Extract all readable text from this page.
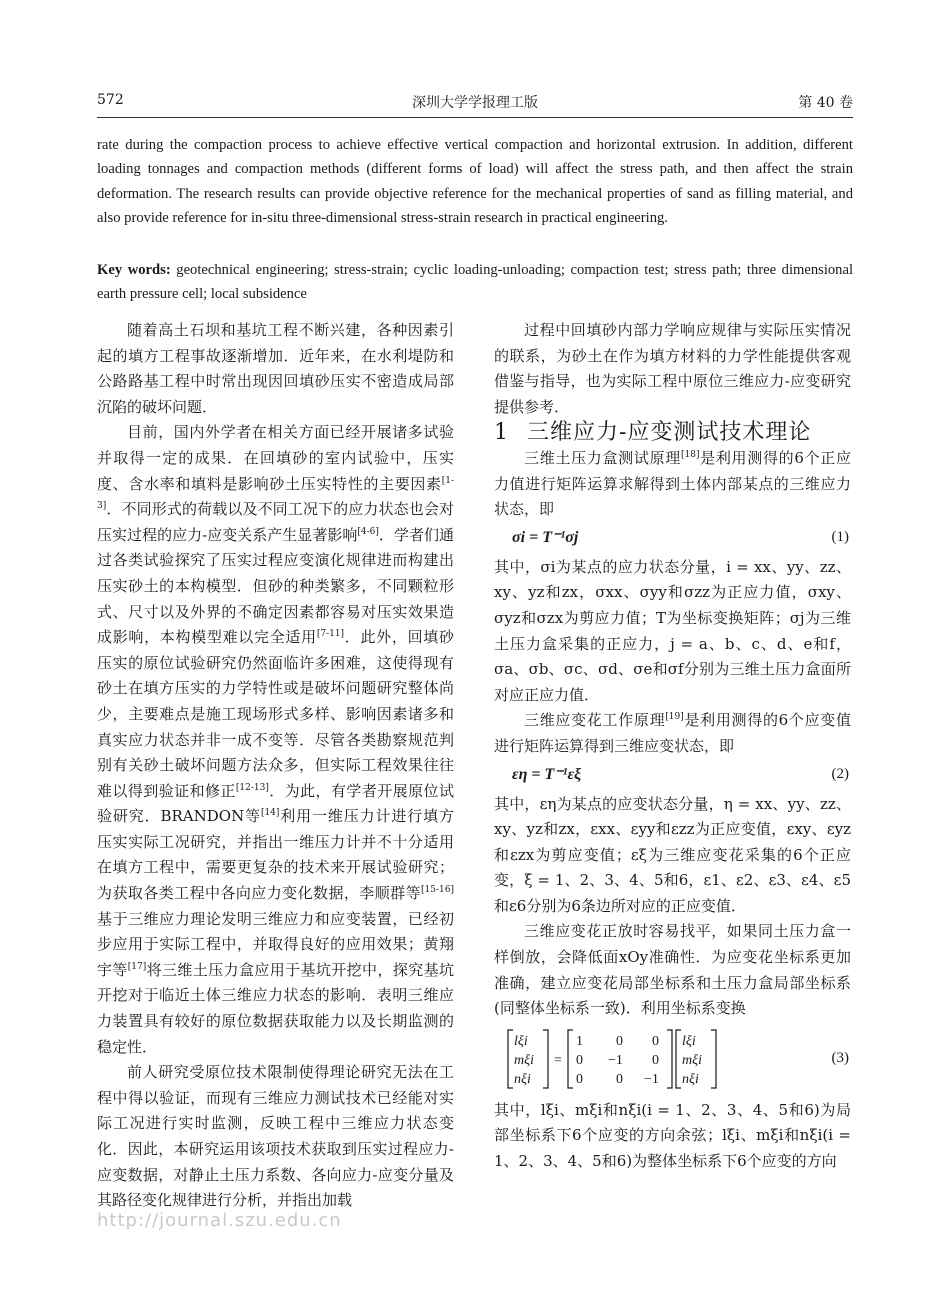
572	深圳大学学报理工版	第 40 卷
rate during the compaction process to achieve effective vertical compaction and horizontal extrusion. In addition, different loading tonnages and compaction methods (different forms of load) will affect the stress path, and then affect the strain deformation. The research results can provide objective reference for the mechanical properties of sand as filling material, and also provide reference for in-situ three-dimensional stress-strain research in practical engineering.
Key words: geotechnical engineering; stress-strain; cyclic loading-unloading; compaction test; stress path; three dimensional earth pressure cell; local subsidence

随着高土石坝和基坑工程不断兴建，各种因素引起的填方工程事故逐渐增加．近年来，在水利堤防和公路路基工程中时常出现因回填砂压实不密造成局部沉陷的破坏问题．

目前，国内外学者在相关方面已经开展诸多试验并取得一定的成果．在回填砂的室内试验中，压实度、含水率和填料是影响砂土压实特性的主要因素[1-3]．不同形式的荷载以及不同工况下的应力状态也会对压实过程的应力-应变关系产生显著影响[4-6]．学者们通过各类试验探究了压实过程应变演化规律进而构建出压实砂土的本构模型．但砂的种类繁多，不同颗粒形式、尺寸以及外界的不确定因素都容易对压实效果造成影响，本构模型难以完全适用[7-11]．此外，回填砂压实的原位试验研究仍然面临许多困难，这使得现有砂土在填方压实的力学特性或是破坏问题研究整体尚少，主要难点是施工现场形式多样、影响因素诸多和真实应力状态并非一成不变等．尽管各类勘察规范判别有关砂土破坏问题方法众多，但实际工程效果往往难以得到验证和修正[12-13]．为此，有学者开展原位试验研究．BRANDON等[14]利用一维压力计进行填方压实实际工况研究，并指出一维压力计并不十分适用在填方工程中，需要更复杂的技术来开展试验研究；为获取各类工程中各向应力变化数据，李顺群等[15-16]基于三维应力理论发明三维应力和应变装置，已经初步应用于实际工程中，并取得良好的应用效果；黄翔宇等[17]将三维土压力盒应用于基坑开挖中，探究基坑开挖对于临近土体三维应力状态的影响．表明三维应力装置具有较好的原位数据获取能力以及长期监测的稳定性．

前人研究受原位技术限制使得理论研究无法在工程中得以验证，而现有三维应力测试技术已经能对实际工况进行实时监测，反映工程中三维应力状态变化．因此，本研究运用该项技术获取到压实过程应力-应变数据，对静止土压力系数、各向应力-应变分量及其路径变化规律进行分析，并指出加载

过程中回填砂内部力学响应规律与实际压实情况的联系，为砂土在作为填方材料的力学性能提供客观借鉴与指导，也为实际工程中原位三维应力-应变研究提供参考．

1 三维应力-应变测试技术理论

三维土压力盒测试原理[18]是利用测得的6个正应力值进行矩阵运算求解得到土体内部某点的三维应力状态，即

σi = T⁻¹σj	(1)

其中，σi为某点的应力状态分量，i = xx、yy、zz、xy、yz和zx，σxx、σyy和σzz为正应力值，σxy、σyz和σzx为剪应力值；T为坐标变换矩阵；σj为三维土压力盒采集的正应力，j = a、b、c、d、e和f，σa、σb、σc、σd、σe和σf分别为三维土压力盒面所对应正应力值．

三维应变花工作原理[19]是利用测得的6个应变值进行矩阵运算得到三维应变状态，即

εη = T⁻¹εξ	(2)

其中，εη为某点的应变状态分量，η = xx、yy、zz、xy、yz和zx，εxx、εyy和εzz为正应变值，εxy、εyz和εzx为剪应变值；εξ为三维应变花采集的6个正应变，ξ = 1、2、3、4、5和6，ε1、ε2、ε3、ε4、ε5和ε6分别为6条边所对应的正应变值．

三维应变花正放时容易找平，如果同土压力盒一样倒放，会降低面xOy准确性．为应变花坐标系更加准确，建立应变花局部坐标系和土压力盒局部坐标系(同整体坐标系一致)．利用坐标系变换

lξi
mξi
nξi
=
1 0 0
0 −1 0
0 0 −1
lξi
mξi
nξi
(3)

其中，lξi、mξi和nξi(i = 1、2、3、4、5和6)为局部坐标系下6个应变的方向余弦；lξi、mξi和nξi(i = 1、2、3、4、5和6)为整体坐标系下6个应变的方向

http://journal.szu.edu.cn
